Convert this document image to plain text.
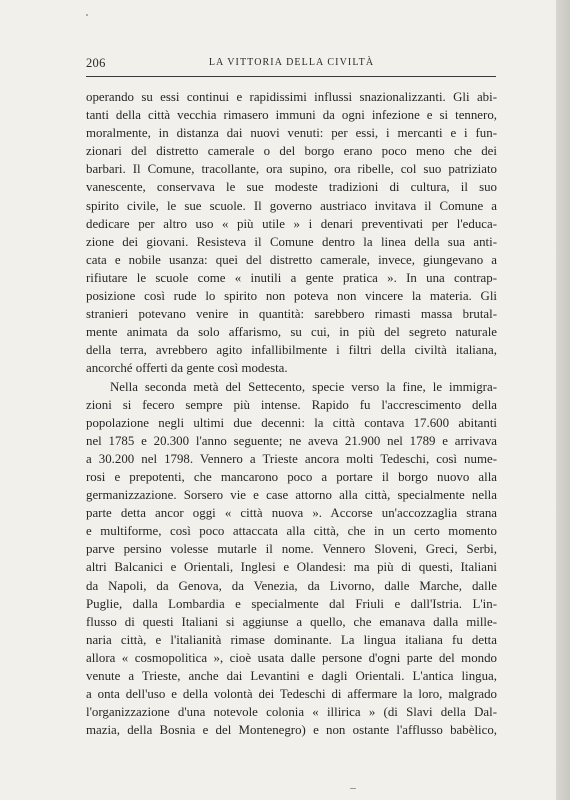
206	LA VITTORIA DELLA CIVILTÀ

operando su essi continui e rapidissimi influssi snazionalizzanti. Gli abi-
tanti della città vecchia rimasero immuni da ogni infezione e si tennero,
moralmente, in distanza dai nuovi venuti: per essi, i mercanti e i fun-
zionari del distretto camerale o del borgo erano poco meno che dei
barbari. Il Comune, tracollante, ora supino, ora ribelle, col suo patriziato
vanescente, conservava le sue modeste tradizioni di cultura, il suo
spirito civile, le sue scuole. Il governo austriaco invitava il Comune a
dedicare per altro uso « più utile » i denari preventivati per l'educa-
zione dei giovani. Resisteva il Comune dentro la linea della sua anti-
cata e nobile usanza: quei del distretto camerale, invece, giungevano a
rifiutare le scuole come « inutili a gente pratica ». In una contrap-
posizione così rude lo spirito non poteva non vincere la materia. Gli
stranieri potevano venire in quantità: sarebbero rimasti massa brutal-
mente animata da solo affarismo, su cui, in più del segreto naturale
della terra, avrebbero agito infallibilmente i filtri della civiltà italiana,
ancorché offerti da gente così modesta.

Nella seconda metà del Settecento, specie verso la fine, le immigra-
zioni si fecero sempre più intense. Rapido fu l'accrescimento della
popolazione negli ultimi due decenni: la città contava 17.600 abitanti
nel 1785 e 20.300 l'anno seguente; ne aveva 21.900 nel 1789 e arrivava
a 30.200 nel 1798. Vennero a Trieste ancora molti Tedeschi, così nume-
rosi e prepotenti, che mancarono poco a portare il borgo nuovo alla
germanizzazione. Sorsero vie e case attorno alla città, specialmente nella
parte detta ancor oggi « città nuova ». Accorse un'accozzaglia strana
e multiforme, così poco attaccata alla città, che in un certo momento
parve persino volesse mutarle il nome. Vennero Sloveni, Greci, Serbi,
altri Balcanici e Orientali, Inglesi e Olandesi: ma più di questi, Italiani
da Napoli, da Genova, da Venezia, da Livorno, dalle Marche, dalle
Puglie, dalla Lombardia e specialmente dal Friuli e dall'Istria. L'in-
flusso di questi Italiani si aggiunse a quello, che emanava dalla mille-
naria città, e l'italianità rimase dominante. La lingua italiana fu detta
allora « cosmopolitica », cioè usata dalle persone d'ogni parte del mondo
venute a Trieste, anche dai Levantini e dagli Orientali. L'antica lingua,
a onta dell'uso e della volontà dei Tedeschi di affermare la loro, malgrado
l'organizzazione d'una notevole colonia « illirica » (di Slavi della Dal-
mazia, della Bosnia e del Montenegro) e non ostante l'afflusso babèlico,
